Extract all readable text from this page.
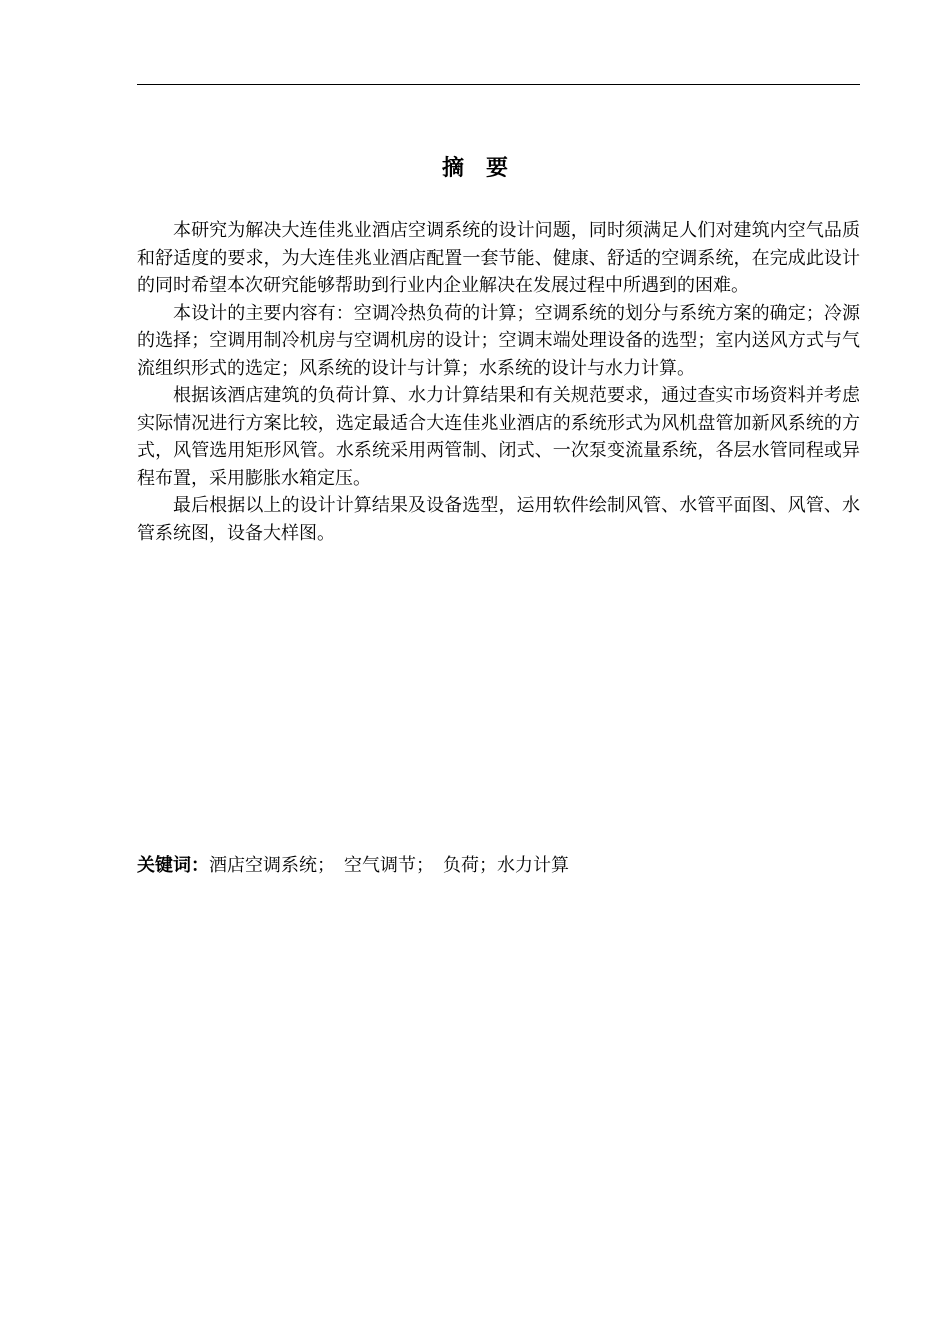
摘　要

本研究为解决大连佳兆业酒店空调系统的设计问题，同时须满足人们对建筑内空气品质和舒适度的要求，为大连佳兆业酒店配置一套节能、健康、舒适的空调系统，在完成此设计的同时希望本次研究能够帮助到行业内企业解决在发展过程中所遇到的困难。

本设计的主要内容有：空调冷热负荷的计算；空调系统的划分与系统方案的确定；冷源的选择；空调用制冷机房与空调机房的设计；空调末端处理设备的选型；室内送风方式与气流组织形式的选定；风系统的设计与计算；水系统的设计与水力计算。

根据该酒店建筑的负荷计算、水力计算结果和有关规范要求，通过查实市场资料并考虑实际情况进行方案比较，选定最适合大连佳兆业酒店的系统形式为风机盘管加新风系统的方式，风管选用矩形风管。水系统采用两管制、闭式、一次泵变流量系统，各层水管同程或异程布置，采用膨胀水箱定压。

最后根据以上的设计计算结果及设备选型，运用软件绘制风管、水管平面图、风管、水管系统图，设备大样图。

关键词：酒店空调系统；　空气调节；　负荷；水力计算
